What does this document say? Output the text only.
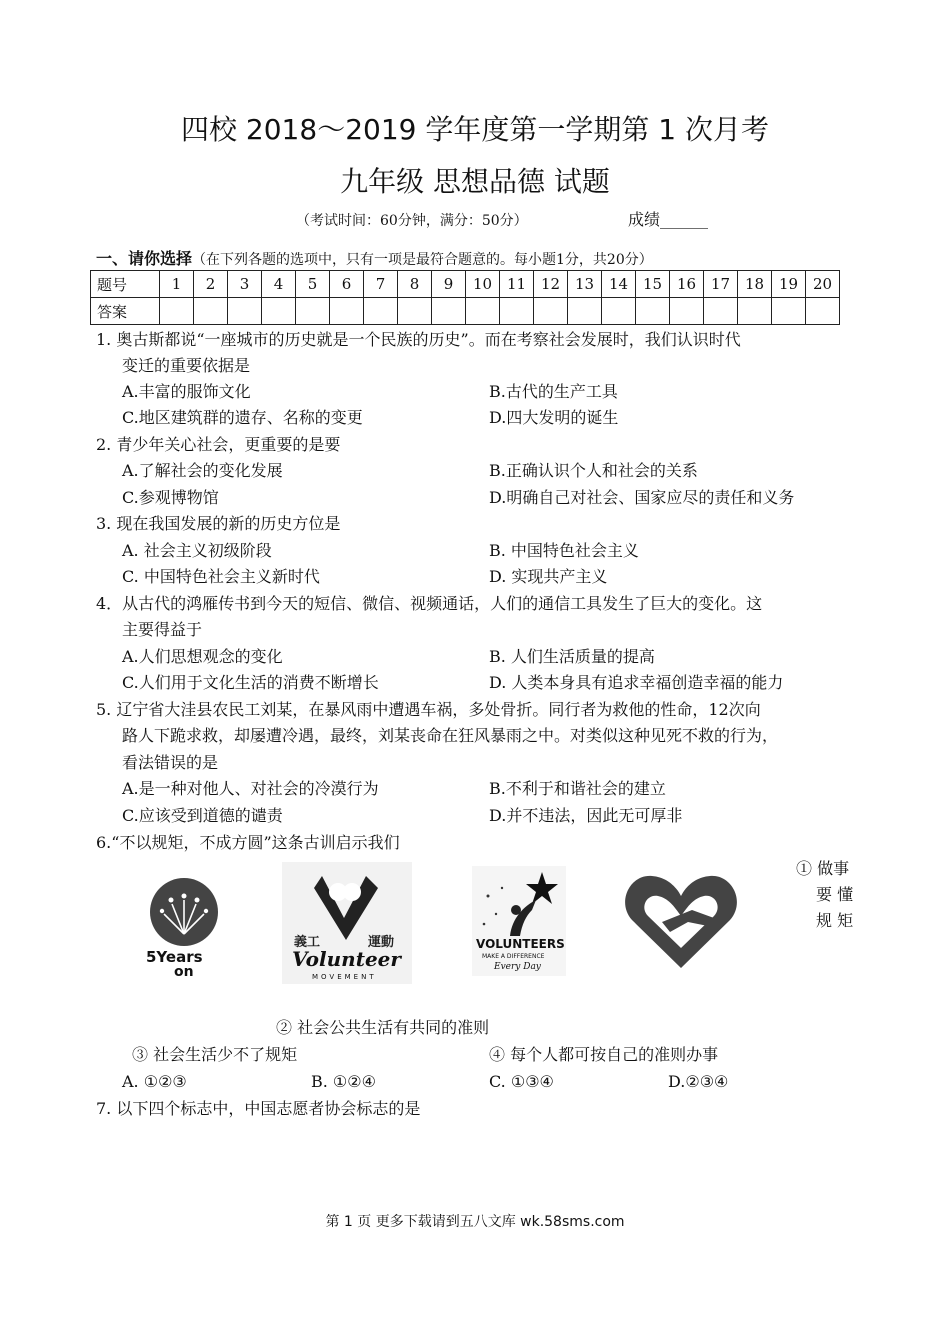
四校 2018～2019 学年度第一学期第 1 次月考
九年级 思想品德 试题
（考试时间：60分钟，满分：50分）	成绩______
一、请你选择（在下列各题的选项中，只有一项是最符合题意的。每小题1分，共20分）
题号	1	2	3	4	5	6	7	8	9	10	11	12	13	14	15	16	17	18	19	20
答案																				
1. 奥古斯都说“一座城市的历史就是一个民族的历史”。而在考察社会发展时，我们认识时代
变迁的重要依据是
A.丰富的服饰文化	B.古代的生产工具
C.地区建筑群的遗存、名称的变更	D.四大发明的诞生
2. 青少年关心社会，更重要的是要
A.了解社会的变化发展	B.正确认识个人和社会的关系
C.参观博物馆	D.明确自己对社会、国家应尽的责任和义务
3. 现在我国发展的新的历史方位是
A. 社会主义初级阶段	B. 中国特色社会主义
C. 中国特色社会主义新时代	D. 实现共产主义
4．从古代的鸿雁传书到今天的短信、微信、视频通话，人们的通信工具发生了巨大的变化。这
主要得益于
A.人们思想观念的变化	B. 人们生活质量的提高
C.人们用于文化生活的消费不断增长	D. 人类本身具有追求幸福创造幸福的能力
5. 辽宁省大洼县农民工刘某，在暴风雨中遭遇车祸，多处骨折。同行者为救他的性命，12次向
路人下跪求救，却屡遭冷遇，最终，刘某丧命在狂风暴雨之中。对类似这种见死不救的行为，
看法错误的是
A.是一种对他人、对社会的冷漠行为	B.不利于和谐社会的建立
C.应该受到道德的谴责	D.并不违法，因此无可厚非
6.“不以规矩，不成方圆”这条古训启示我们
① 做事
要 懂
规 矩
5Years
on
義工	運動
Volunteer
MOVEMENT
VOLUNTEERS
MAKE A DIFFERENCE
Every Day
② 社会公共生活有共同的准则
③ 社会生活少不了规矩	④ 每个人都可按自己的准则办事
A. ①②③	B. ①②④	C. ①③④	D.②③④
7. 以下四个标志中，中国志愿者协会标志的是
第 1 页 更多下载请到五八文库 wk.58sms.com
